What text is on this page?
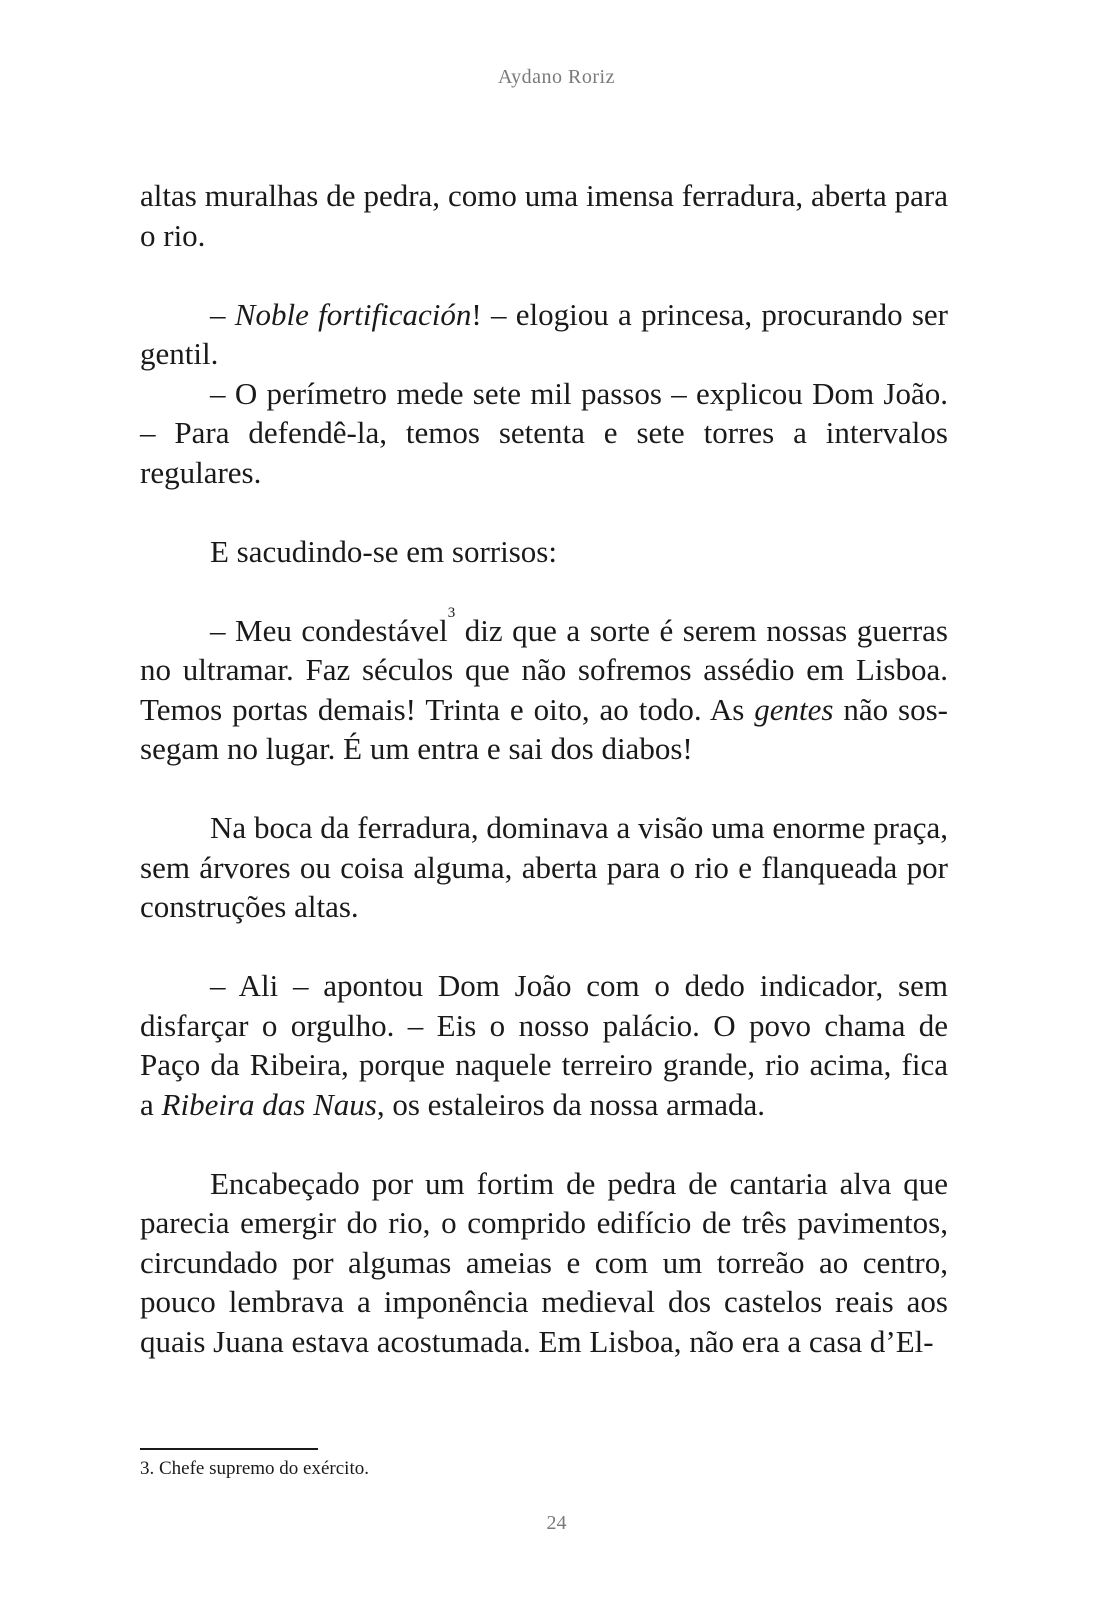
Aydano Roriz

altas muralhas de pedra, como uma imensa ferradura, aberta para o rio.

– Noble fortificación! – elogiou a princesa, procurando ser gentil.

– O perímetro mede sete mil passos – explicou Dom João. – Para defendê-la, temos setenta e sete torres a intervalos regulares.

E sacudindo-se em sorrisos:

– Meu condestável$^3$ diz que a sorte é serem nossas guerras no ultramar. Faz séculos que não sofremos assédio em Lisboa. Temos portas demais! Trinta e oito, ao todo. As gentes não sossegam no lugar. É um entra e sai dos diabos!

Na boca da ferradura, dominava a visão uma enorme praça, sem árvores ou coisa alguma, aberta para o rio e flanqueada por construções altas.

– Ali – apontou Dom João com o dedo indicador, sem disfarçar o orgulho. – Eis o nosso palácio. O povo chama de Paço da Ribeira, porque naquele terreiro grande, rio acima, fica a Ribeira das Naus, os estaleiros da nossa armada.

Encabeçado por um fortim de pedra de cantaria alva que parecia emergir do rio, o comprido edifício de três pavimentos, circundado por algumas ameias e com um torreão ao centro, pouco lembrava a imponência medieval dos castelos reais aos quais Juana estava acostumada. Em Lisboa, não era a casa d’El-

3. Chefe supremo do exército.
24
